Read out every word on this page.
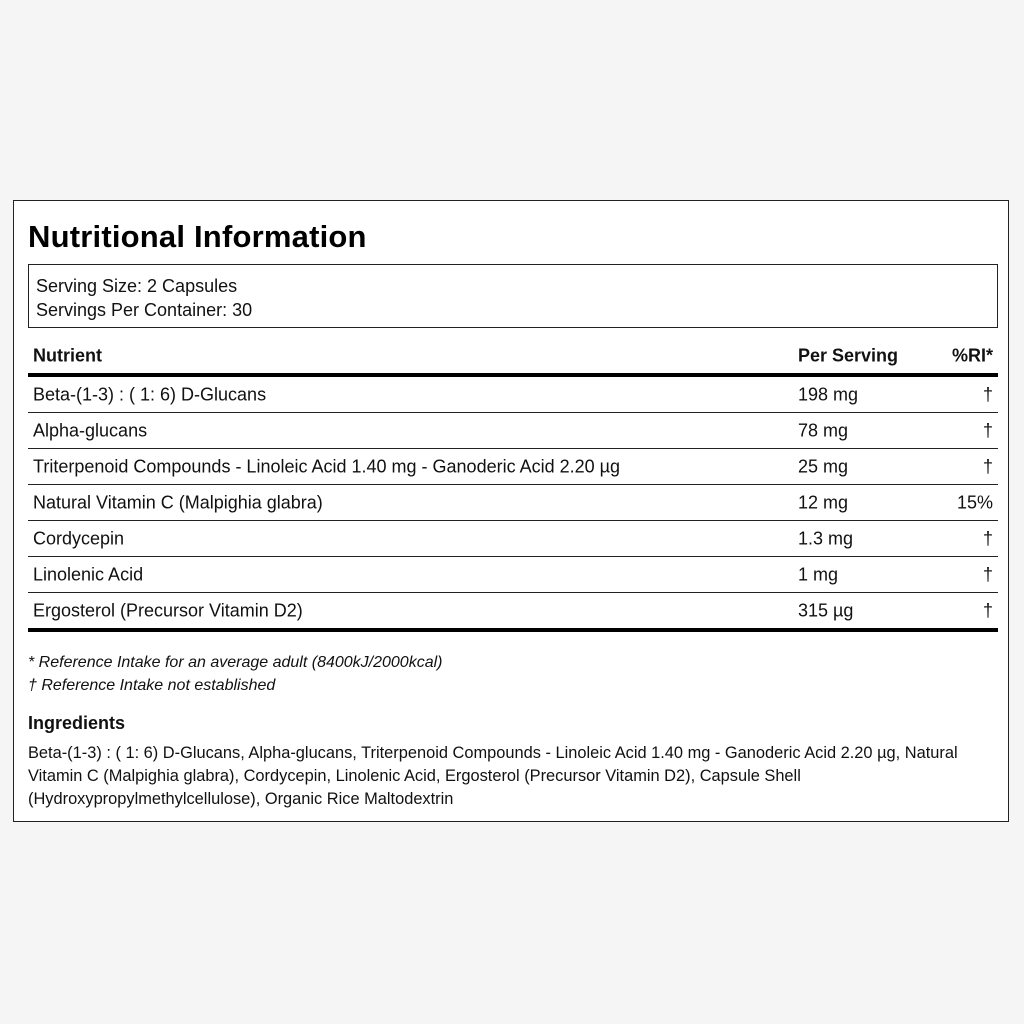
Nutritional Information
Serving Size: 2 Capsules
Servings Per Container: 30
Nutrient	Per Serving	%RI*
Beta-(1-3) : ( 1: 6) D-Glucans	198 mg	†
Alpha-glucans	78 mg	†
Triterpenoid Compounds - Linoleic Acid 1.40 mg - Ganoderic Acid 2.20 µg	25 mg	†
Natural Vitamin C (Malpighia glabra)	12 mg	15%
Cordycepin	1.3 mg	†
Linolenic Acid	1 mg	†
Ergosterol (Precursor Vitamin D2)	315 µg	†
* Reference Intake for an average adult (8400kJ/2000kcal)
† Reference Intake not established
Ingredients

Beta-(1-3) : ( 1: 6) D-Glucans, Alpha-glucans, Triterpenoid Compounds - Linoleic Acid 1.40 mg - Ganoderic Acid 2.20 µg, Natural Vitamin C (Malpighia glabra), Cordycepin, Linolenic Acid, Ergosterol (Precursor Vitamin D2), Capsule Shell (Hydroxypropylmethylcellulose), Organic Rice Maltodextrin
